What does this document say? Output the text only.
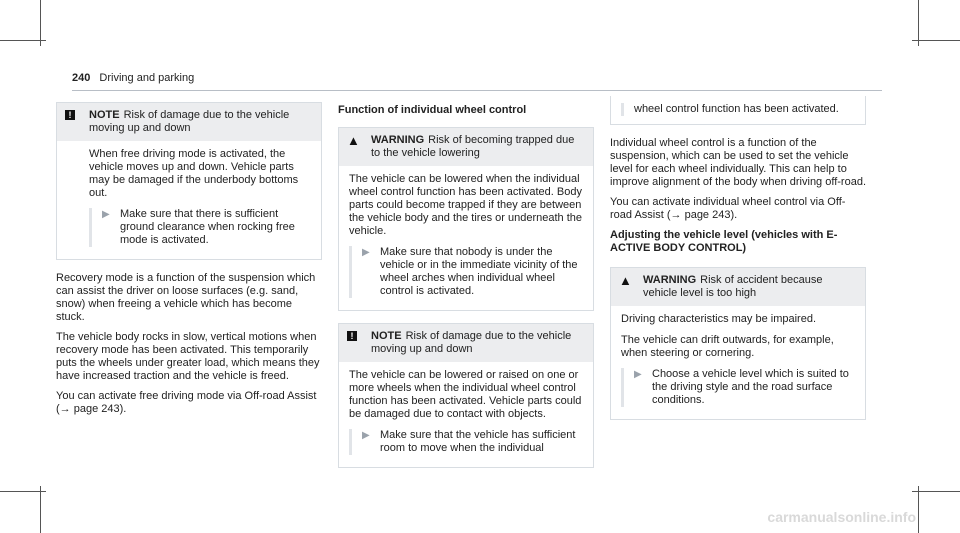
240 Driving and parking
!	NOTE Risk of damage due to the vehicle moving up and down

When free driving mode is activated, the vehicle moves up and down. Vehicle parts may be damaged if the underbody bottoms out.

▶ Make sure that there is sufficient ground clearance when rocking free mode is activated.

Recovery mode is a function of the suspension which can assist the driver on loose surfaces (e.g. sand, snow) when freeing a vehicle which has become stuck.

The vehicle body rocks in slow, vertical motions when recovery mode has been activated. This temporarily puts the wheels under greater load, which means they have increased traction and the vehicle is freed.

You can activate free driving mode via Off-road Assist (→ page 243).

Function of individual wheel control
▲	WARNING Risk of becoming trapped due to the vehicle lowering

The vehicle can be lowered when the individual wheel control function has been activated. Body parts could become trapped if they are between the vehicle body and the tires or underneath the vehicle.

▶ Make sure that nobody is under the vehicle or in the immediate vicinity of the wheel arches when individual wheel control is activated.
!	NOTE Risk of damage due to the vehicle moving up and down

The vehicle can be lowered or raised on one or more wheels when the individual wheel control function has been activated. Vehicle parts could be damaged due to contact with objects.

▶ Make sure that the vehicle has sufficient room to move when the individual
wheel control function has been activated.

Individual wheel control is a function of the suspension, which can be used to set the vehicle level for each wheel individually. This can help to improve alignment of the body when driving off-road.

You can activate individual wheel control via Off-road Assist (→ page 243).

Adjusting the vehicle level (vehicles with E-ACTIVE BODY CONTROL)
▲	WARNING Risk of accident because vehicle level is too high

Driving characteristics may be impaired.

The vehicle can drift outwards, for example, when steering or cornering.

▶ Choose a vehicle level which is suited to the driving style and the road surface conditions.
carmanualsonline.info
